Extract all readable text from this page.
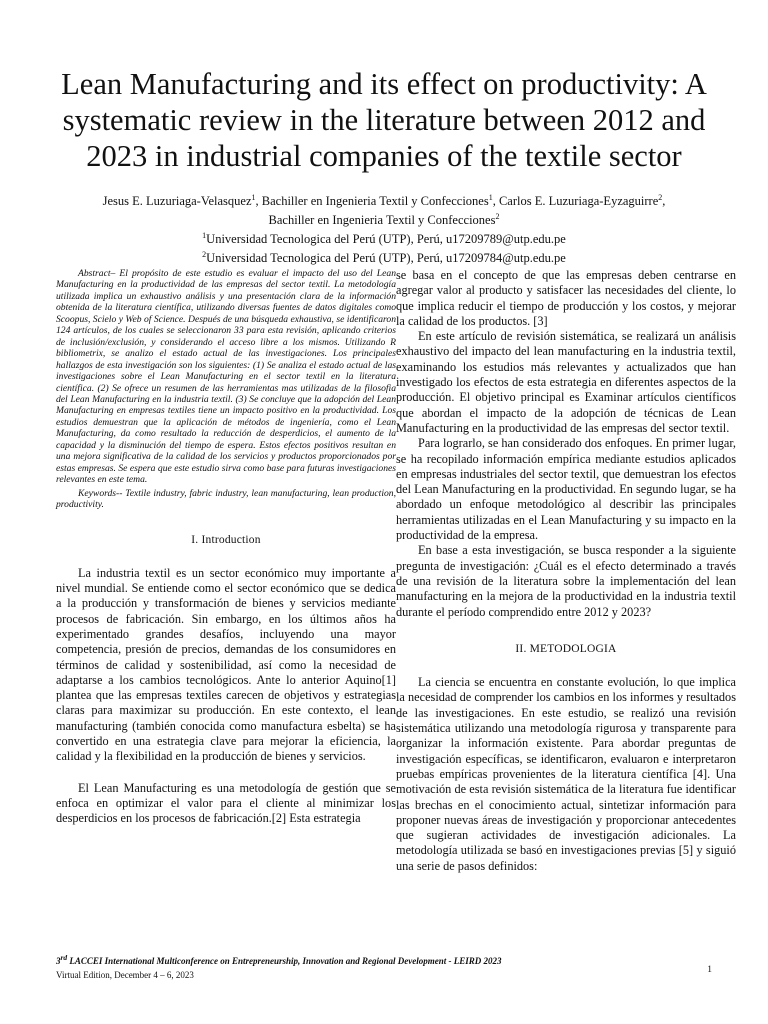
Lean Manufacturing and its effect on productivity: A systematic review in the literature between 2012 and 2023 in industrial companies of the textile sector
Jesus E. Luzuriaga-Velasquez$^1$, Bachiller en Ingenieria Textil y Confecciones$^1$, Carlos E. Luzuriaga-Eyzaguirre$^2$,
Bachiller en Ingenieria Textil y Confecciones$^2$
$^1$Universidad Tecnologica del Perú (UTP), Perú, u17209789@utp.edu.pe
$^2$Universidad Tecnologica del Perú (UTP), Perú, u17209784@utp.edu.pe

Abstract– El propósito de este estudio es evaluar el impacto del uso del Lean Manufacturing en la productividad de las empresas del sector textil. La metodología utilizada implica un exhaustivo análisis y una presentación clara de la información obtenida de la literatura científica, utilizando diversas fuentes de datos digitales como Scoopus, Scielo y Web of Science. Después de una búsqueda exhaustiva, se identificaron 124 artículos, de los cuales se seleccionaron 33 para esta revisión, aplicando criterios de inclusión/exclusión, y considerando el acceso libre a los mismos. Utilizando R bibliometrix, se analizo el estado actual de las investigaciones. Los principales hallazgos de esta investigación son los siguientes: (1) Se analiza el estado actual de las investigaciones sobre el Lean Manufacturing en el sector textil en la literatura científica. (2) Se ofrece un resumen de las herramientas mas utilizadas de la filosofia del Lean Manufacturing en la industria textil. (3) Se concluye que la adopción del Lean Manufacturing en empresas textiles tiene un impacto positivo en la productividad. Los estudios demuestran que la aplicación de métodos de ingeniería, como el Lean Manufacturing, da como resultado la reducción de desperdicios, el aumento de la capacidad y la disminución del tiempo de espera. Estos efectos positivos resultan en una mejora significativa de la calidad de los servicios y productos proporcionados por estas empresas. Se espera que este estudio sirva como base para futuras investigaciones relevantes en este tema.

Keywords-- Textile industry, fabric industry, lean manufacturing, lean production, productivity.

I. Introduction

La industria textil es un sector económico muy importante a nivel mundial. Se entiende como el sector económico que se dedica a la producción y transformación de bienes y servicios mediante procesos de fabricación. Sin embargo, en los últimos años ha experimentado grandes desafíos, incluyendo una mayor competencia, presión de precios, demandas de los consumidores en términos de calidad y sostenibilidad, así como la necesidad de adaptarse a los cambios tecnológicos. Ante lo anterior Aquino[1] plantea que las empresas textiles carecen de objetivos y estrategias claras para maximizar su producción. En este contexto, el lean manufacturing (también conocida como manufactura esbelta) se ha convertido en una estrategia clave para mejorar la eficiencia, la calidad y la flexibilidad en la producción de bienes y servicios.

El Lean Manufacturing es una metodología de gestión que se enfoca en optimizar el valor para el cliente al minimizar los desperdicios en los procesos de fabricación.[2] Esta estrategia

se basa en el concepto de que las empresas deben centrarse en agregar valor al producto y satisfacer las necesidades del cliente, lo que implica reducir el tiempo de producción y los costos, y mejorar la calidad de los productos. [3]

En este artículo de revisión sistemática, se realizará un análisis exhaustivo del impacto del lean manufacturing en la industria textil, examinando los estudios más relevantes y actualizados que han investigado los efectos de esta estrategia en diferentes aspectos de la producción. El objetivo principal es Examinar artículos científicos que abordan el impacto de la adopción de técnicas de Lean Manufacturing en la productividad de las empresas del sector textil.

Para lograrlo, se han considerado dos enfoques. En primer lugar, se ha recopilado información empírica mediante estudios aplicados en empresas industriales del sector textil, que demuestran los efectos del Lean Manufacturing en la productividad. En segundo lugar, se ha abordado un enfoque metodológico al describir las principales herramientas utilizadas en el Lean Manufacturing y su impacto en la productividad de la empresa.

En base a esta investigación, se busca responder a la siguiente pregunta de investigación: ¿Cuál es el efecto determinado a través de una revisión de la literatura sobre la implementación del lean manufacturing en la mejora de la productividad en la industria textil durante el período comprendido entre 2012 y 2023?

II. METODOLOGIA

La ciencia se encuentra en constante evolución, lo que implica la necesidad de comprender los cambios en los informes y resultados de las investigaciones. En este estudio, se realizó una revisión sistemática utilizando una metodología rigurosa y transparente para organizar la información existente. Para abordar preguntas de investigación específicas, se identificaron, evaluaron e interpretaron pruebas empíricas provenientes de la literatura científica [4]. Una motivación de esta revisión sistemática de la literatura fue identificar las brechas en el conocimiento actual, sintetizar información para proponer nuevas áreas de investigación y proporcionar antecedentes que sugieran actividades de investigación adicionales. La metodología utilizada se basó en investigaciones previas [5] y siguió una serie de pasos definidos:

3rd LACCEI International Multiconference on Entrepreneurship, Innovation and Regional Development - LEIRD 2023
Virtual Edition, December 4 – 6, 2023	1
